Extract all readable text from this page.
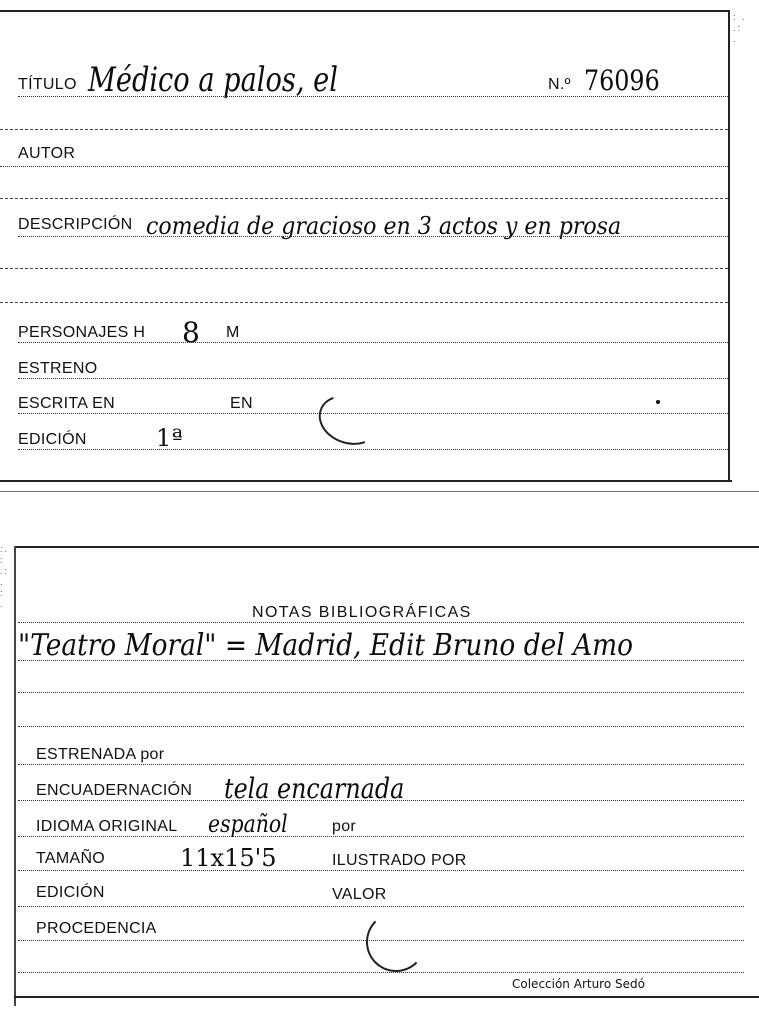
: .
.:
.
TÍTULO Médico a palos, el	N.º 76096
AUTOR
DESCRIPCIÓN comedia de gracioso en 3 actos y en prosa
PERSONAJES H 8 M
ESTRENO
ESCRITA EN	EN
EDICIÓN	1ª
:.
:
.:
.
:
.	NOTAS BIBLIOGRÁFICAS
"Teatro Moral" = Madrid, Edit Bruno del Amo
ESTRENADA por
ENCUADERNACIÓN tela encarnada
IDIOMA ORIGINAL español	por
TAMAÑO	11x15'5	ILUSTRADO POR
EDICIÓN	VALOR
PROCEDENCIA
Colección Arturo Sedó
